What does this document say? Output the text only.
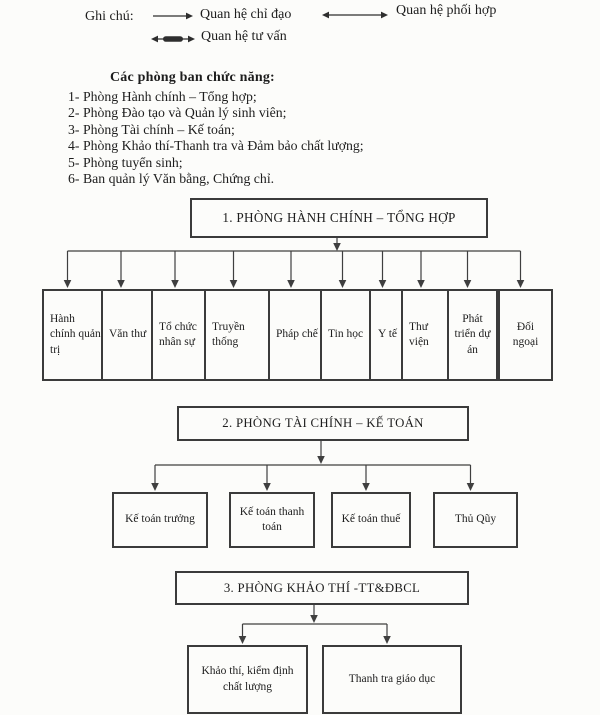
Ghi chú:	Quan hệ chỉ đạo	Quan hệ phối hợp
Quan hệ tư vấn
Các phòng ban chức năng:
1- Phòng Hành chính – Tổng hợp;
2- Phòng Đào tạo và Quản lý sinh viên;
3- Phòng Tài chính – Kế toán;
4- Phòng Khảo thí-Thanh tra và Đảm bảo chất lượng;
5- Phòng tuyển sinh;
6- Ban quản lý Văn bằng, Chứng chỉ.
1. PHÒNG HÀNH CHÍNH – TỔNG HỢP
Hành chính quản trị
Văn thư
Tổ chức nhân sự
Truyền thống
Pháp chế Tin học	Y tế
Thư viện
Phát triển dự án
Đối ngoại
2. PHÒNG TÀI CHÍNH – KẾ TOÁN
Kế toán trưởng
Kế toán thanh toán
Kế toán thuế	Thủ Qũy
3. PHÒNG KHẢO THÍ -TT&ĐBCL
Khảo thí, kiểm định chất lượng
Thanh tra giáo dục
